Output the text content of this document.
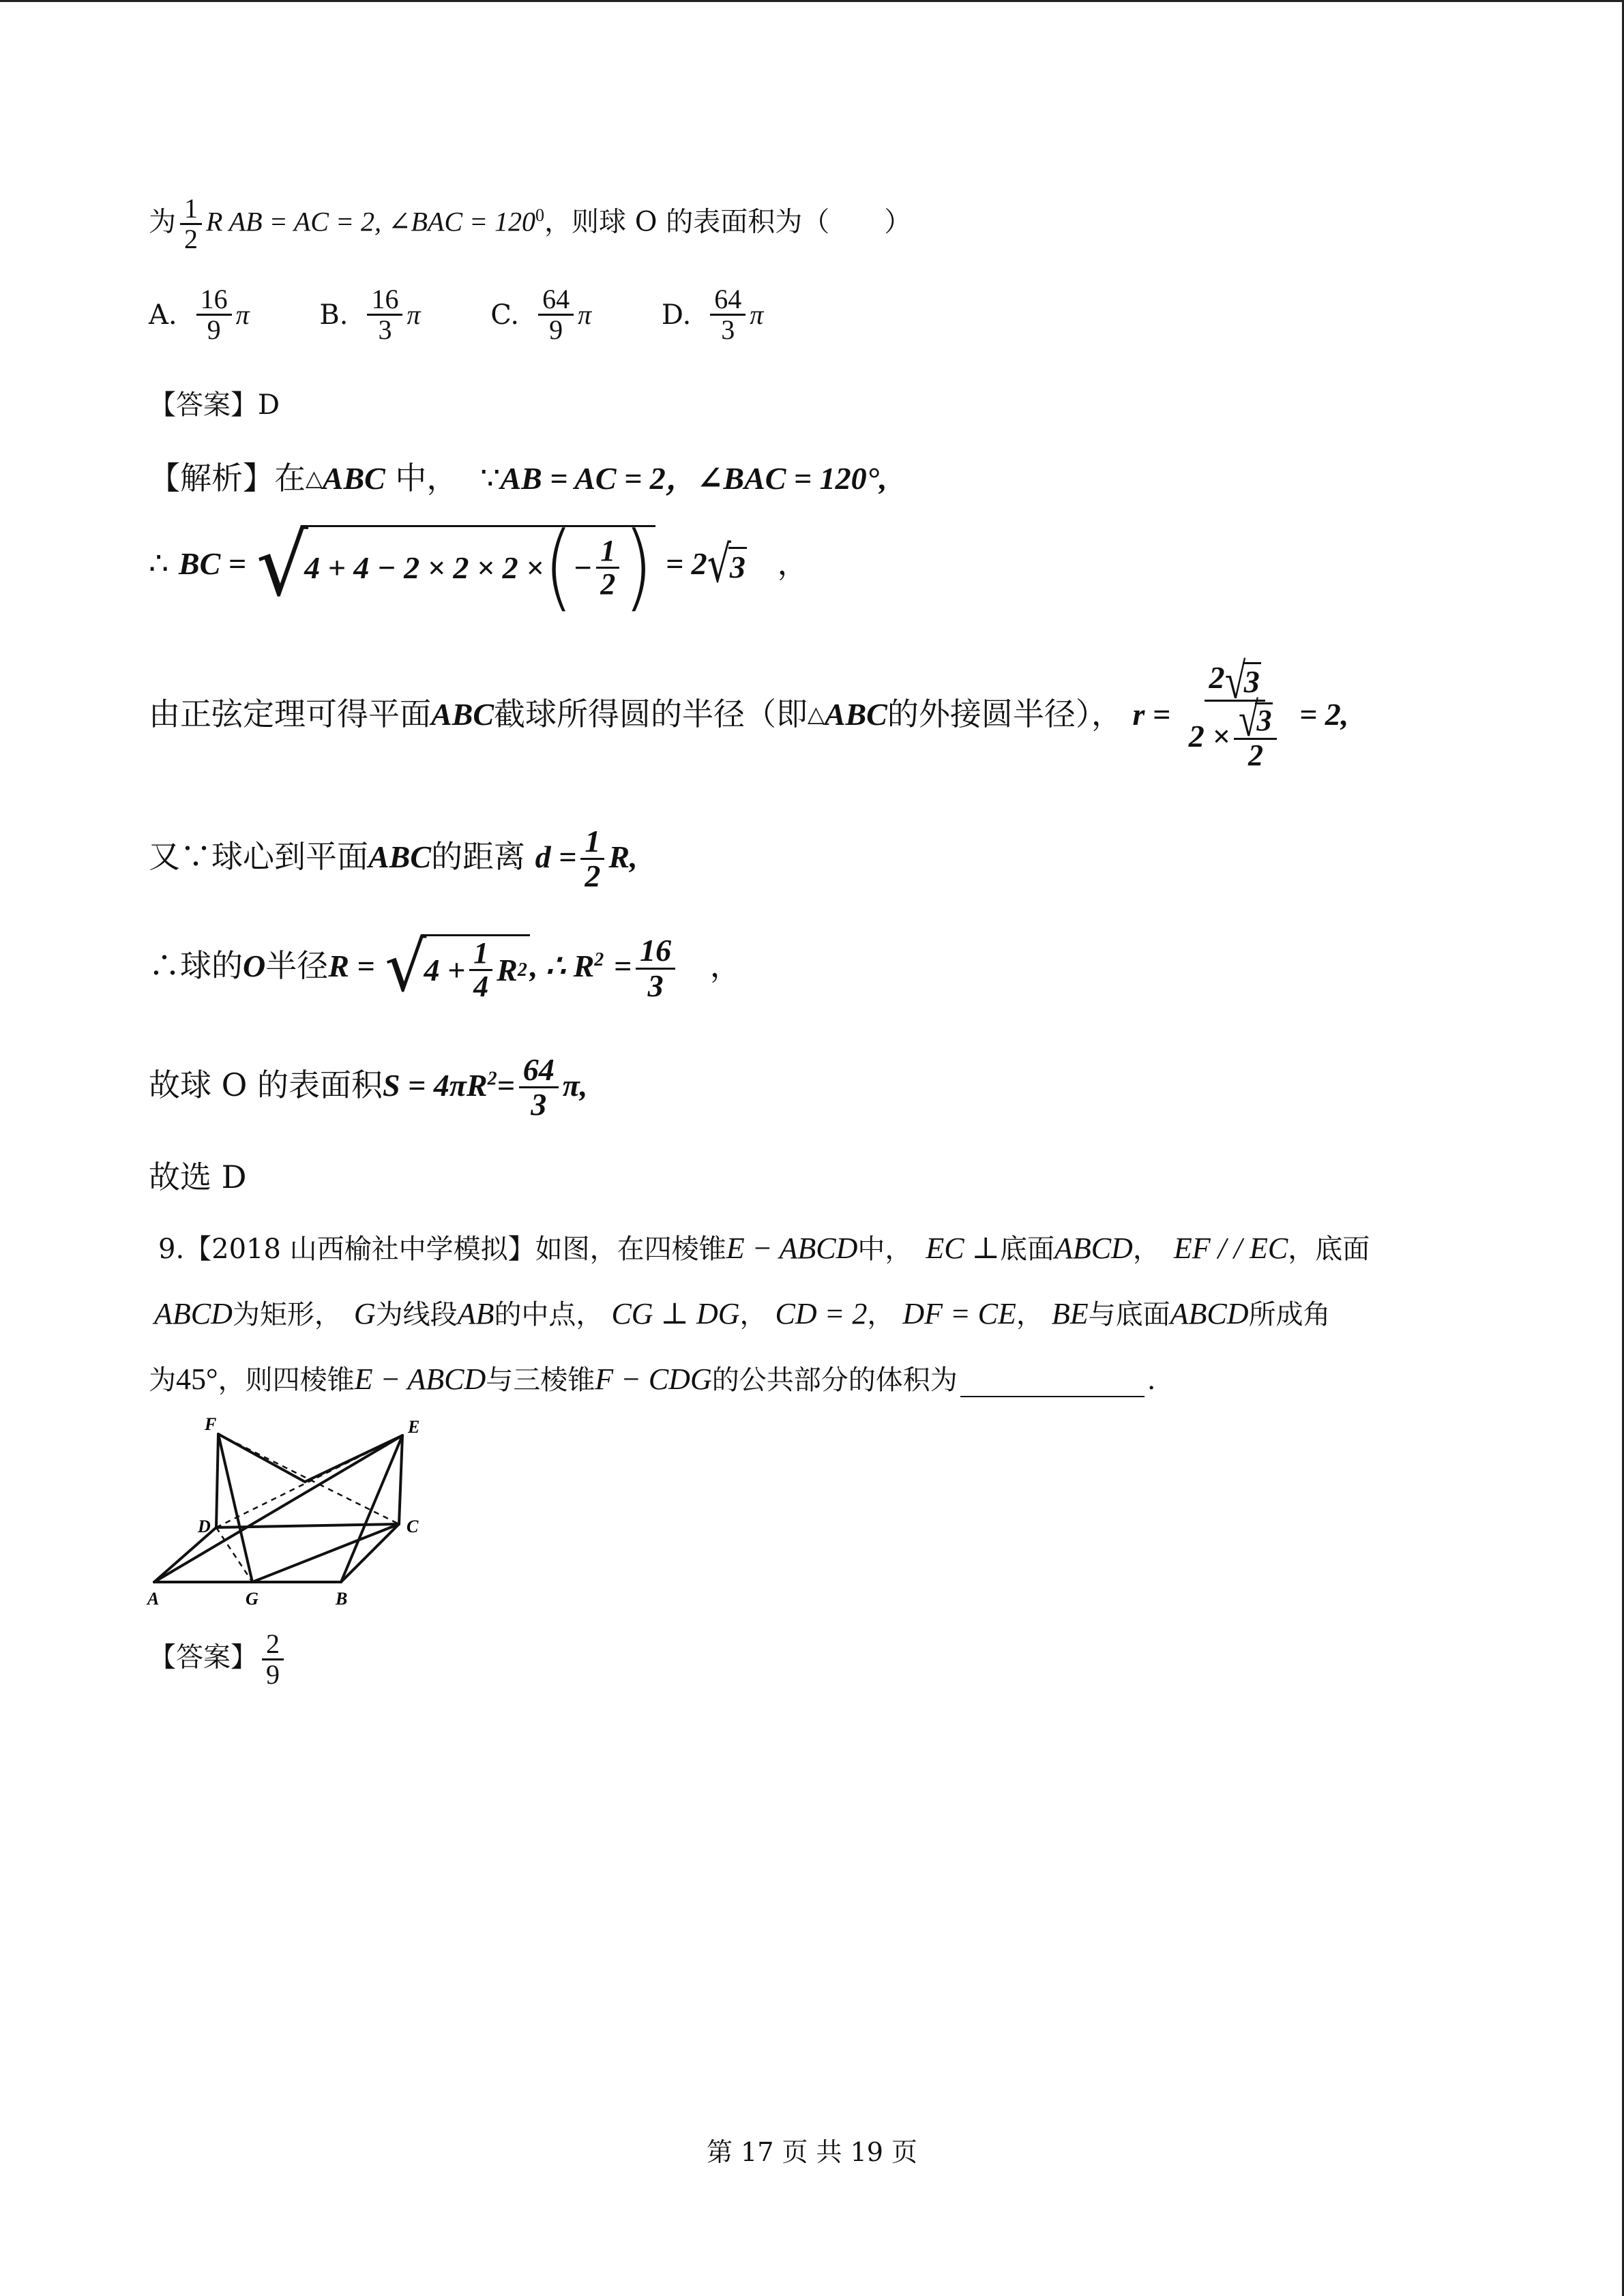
为 $\frac{1}{2}$ R AB = AC = 2, ∠BAC = $120^0$，则球 O 的表面积为（　　）
A. $\frac{16}{9}$ π
	B. $\frac{16}{3}$ π
	C. $\frac{64}{9}$ π
	D. $\frac{64}{3}$ π
【答案】D
【解析】在△ABC 中， ∵AB = AC = 2，∠BAC = 120°,
∴ BC = √
4 + 4 − 2 × 2 × 2 × ( − $\frac{1}{2}$ ) = 2 √
3 ，
由正弦定理可得平面ABC截球所得圆的半径（即△ABC的外接圆半径）， r = 2 √
3
2 × √
3
2 = 2,
又∵球心到平面ABC的距离 $d = \frac{1}{2} R$,
∴球的O半径R = √
$4 + \frac{1}{4}$ R 2 , ∴ $R^2 = \frac{16}{3}$ ，
故球 O 的表面积$S = 4\pi R^2= \frac{64}{3} \pi$,
故选 D
9.【2018 山西榆社中学模拟】如图，在四棱锥E − ABCD中，　EC ⊥底面ABCD，　EF / / EC，底面
ABCD为矩形， G为线段AB的中点， CG ⊥ DG， CD = 2， DF = CE， BE与底面ABCD所成角
为45°，则四棱锥E − ABCD与三棱锥F − CDG的公共部分的体积为	.
F	E
D	C
A	G	B
【答案】 $\frac{2}{9}$
第 17 页 共 19 页
